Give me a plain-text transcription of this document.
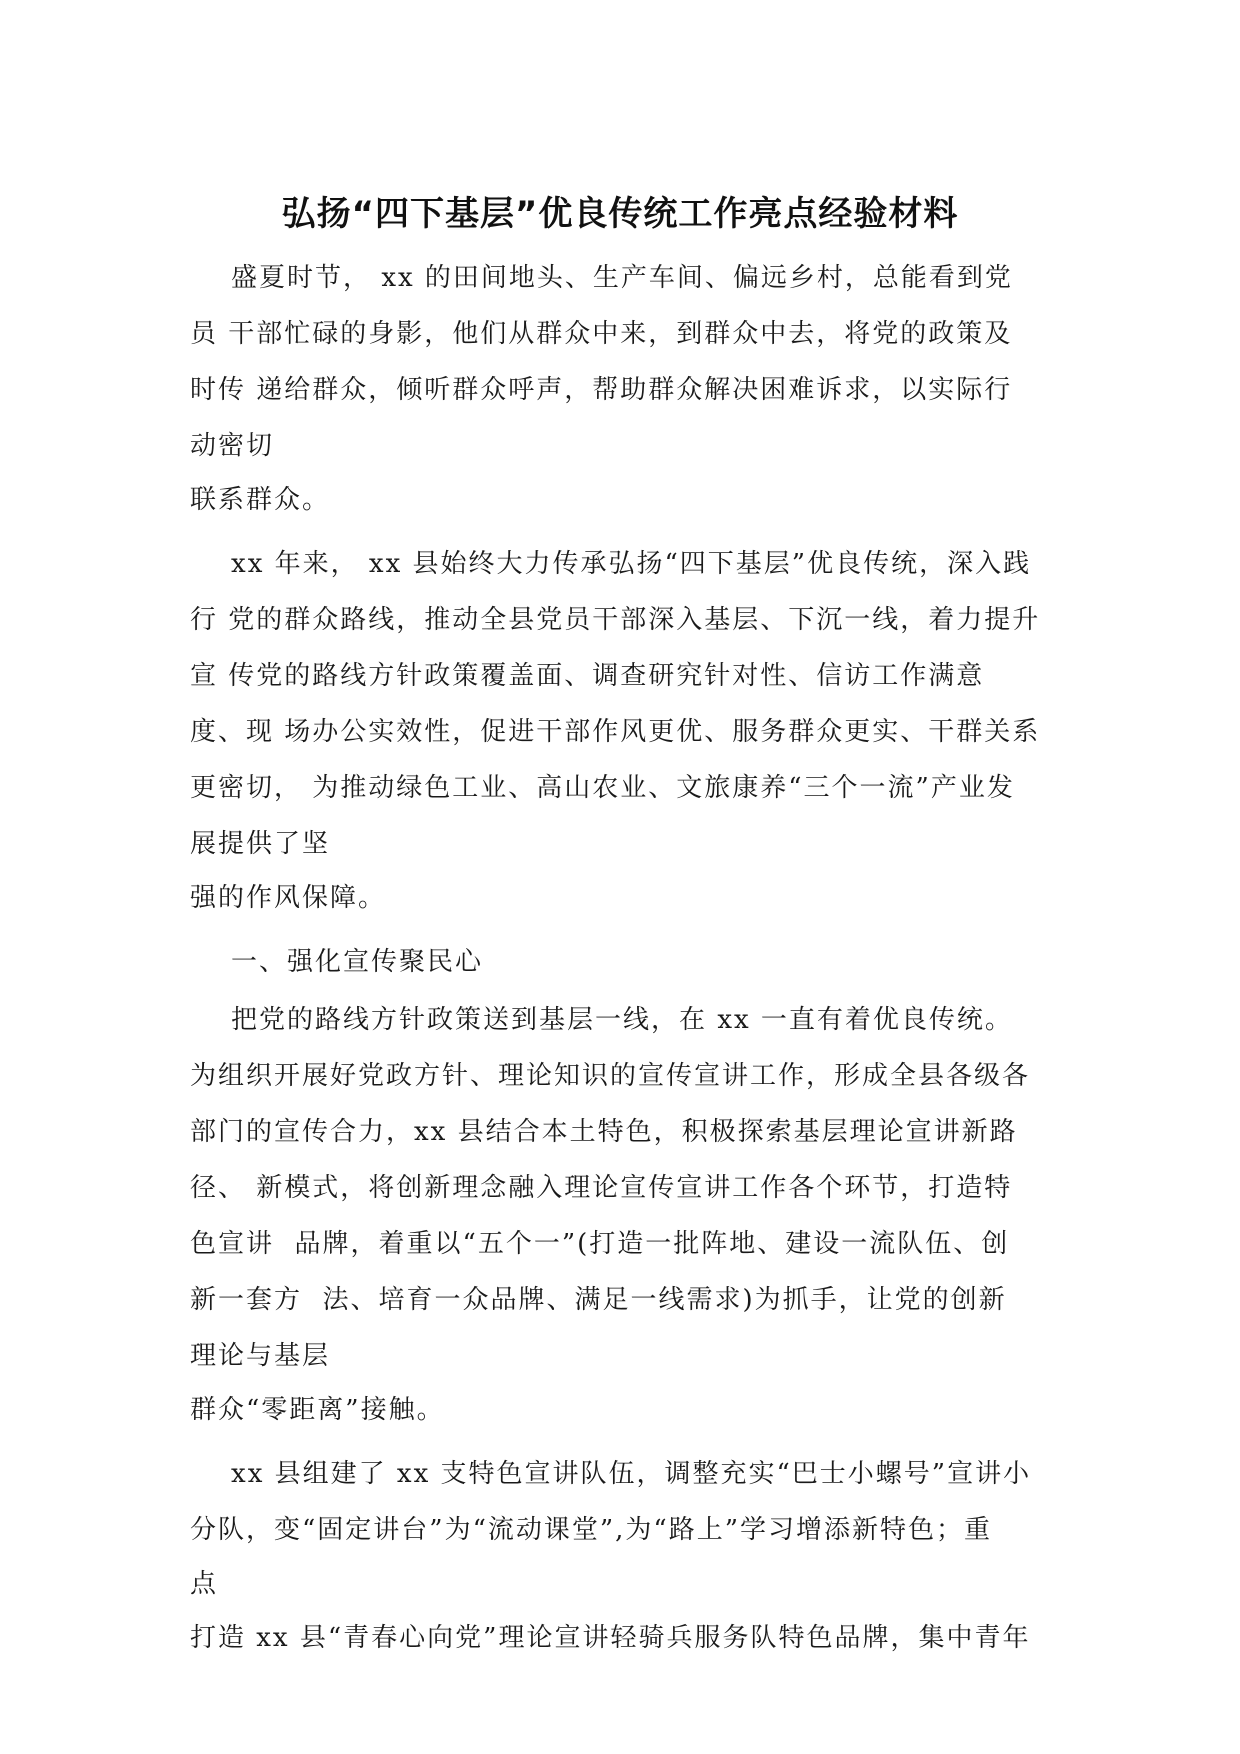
弘扬“四下基层”优良传统工作亮点经验材料

盛夏时节， xx 的田间地头、生产车间、偏远乡村，总能看到党

员 干部忙碌的身影，他们从群众中来，到群众中去，将党的政策及

时传 递给群众，倾听群众呼声，帮助群众解决困难诉求，以实际行

动密切

联系群众。

xx 年来， xx 县始终大力传承弘扬“四下基层”优良传统，深入践

行 党的群众路线，推动全县党员干部深入基层、下沉一线，着力提升

宣 传党的路线方针政策覆盖面、调查研究针对性、信访工作满意

度、现 场办公实效性，促进干部作风更优、服务群众更实、干群关系

更密切， 为推动绿色工业、高山农业、文旅康养“三个一流”产业发

展提供了坚

强的作风保障。

一、强化宣传聚民心

把党的路线方针政策送到基层一线，在 xx 一直有着优良传统。

为组织开展好党政方针、理论知识的宣传宣讲工作，形成全县各级各

部门的宣传合力，xx 县结合本土特色，积极探索基层理论宣讲新路

径、 新模式，将创新理念融入理论宣传宣讲工作各个环节，打造特

色宣讲  品牌，着重以“五个一”(打造一批阵地、建设一流队伍、创

新一套方  法、培育一众品牌、满足一线需求)为抓手，让党的创新

理论与基层

群众“零距离”接触。

xx 县组建了 xx 支特色宣讲队伍，调整充实“巴士小螺号”宣讲小

分队，变“固定讲台”为“流动课堂”,为“路上”学习增添新特色；重

点

打造 xx 县“青春心向党”理论宣讲轻骑兵服务队特色品牌，集中青年
